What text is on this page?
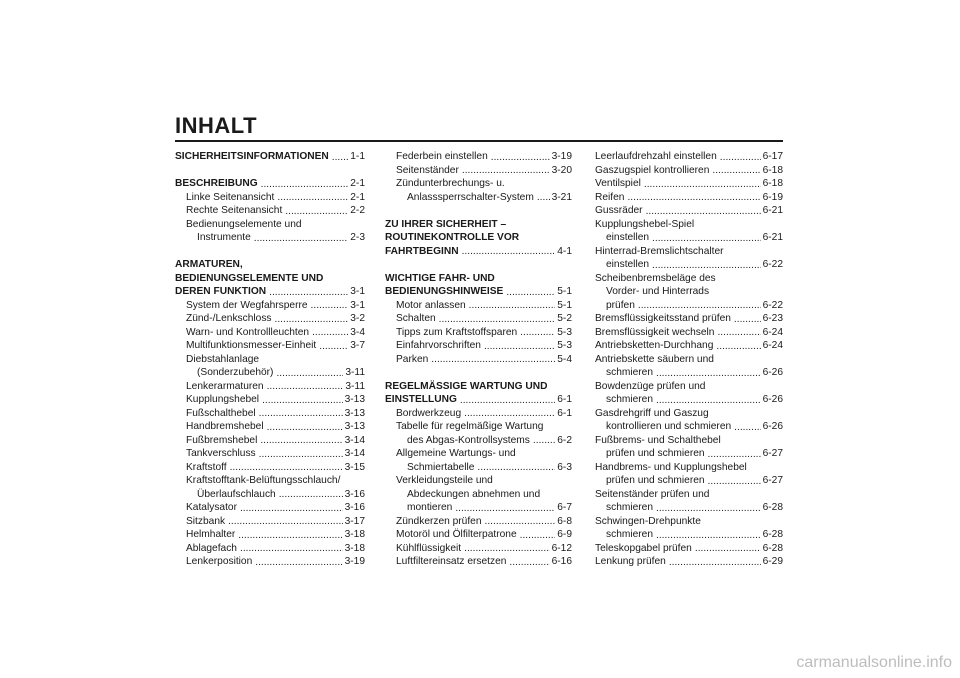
INHALT
SICHERHEITSINFORMATIONEN ..... 1-1
BESCHREIBUNG .....	2-1
Linke Seitenansicht .....	2-1
Rechte Seitenansicht .....	2-2
Bedienungselemente und
Instrumente .....	2-3
ARMATUREN,
BEDIENUNGSELEMENTE UND
DEREN FUNKTION .....	3-1
System der Wegfahrsperre .....	3-1
Zünd-/Lenkschloss .....	3-2
Warn- und Kontrollleuchten .....	3-4
Multifunktionsmesser-Einheit .....	3-7
Diebstahlanlage
(Sonderzubehör) .....	3-11
Lenkerarmaturen .....	3-11
Kupplungshebel .....	3-13
Fußschalthebel .....	3-13
Handbremshebel .....	3-13
Fußbremshebel .....	3-14
Tankverschluss .....	3-14
Kraftstoff .....	3-15
Kraftstofftank-Belüftungsschlauch/
Überlaufschlauch .....	3-16
Katalysator .....	3-16
Sitzbank .....	3-17
Helmhalter .....	3-18
Ablagefach .....	3-18
Lenkerposition .....	3-19
Federbein einstellen .....	3-19
Seitenständer .....	3-20
Zündunterbrechungs- u.
Anlasssperrschalter-System ..... 3-21
ZU IHRER SICHERHEIT –
ROUTINEKONTROLLE VOR
FAHRTBEGINN .....	4-1
WICHTIGE FAHR- UND
BEDIENUNGSHINWEISE .....	5-1
Motor anlassen .....	5-1
Schalten .....	5-2
Tipps zum Kraftstoffsparen .....	5-3
Einfahrvorschriften .....	5-3
Parken .....	5-4
REGELMÄSSIGE WARTUNG UND
EINSTELLUNG .....	6-1
Bordwerkzeug .....	6-1
Tabelle für regelmäßige Wartung
des Abgas-Kontrollsystems .....	6-2
Allgemeine Wartungs- und
Schmiertabelle .....	6-3
Verkleidungsteile und
Abdeckungen abnehmen und
montieren .....	6-7
Zündkerzen prüfen .....	6-8
Motoröl und Ölfilterpatrone .....	6-9
Kühlflüssigkeit .....	6-12
Luftfiltereinsatz ersetzen .....	6-16
Leerlaufdrehzahl einstellen .....	6-17
Gaszugspiel kontrollieren .....	6-18
Ventilspiel .....	6-18
Reifen .....	6-19
Gussräder .....	6-21
Kupplungshebel-Spiel
einstellen .....	6-21
Hinterrad-Bremslichtschalter
einstellen .....	6-22
Scheibenbremsbeläge des
Vorder- und Hinterrads
prüfen .....	6-22
Bremsflüssigkeitsstand prüfen .....	6-23
Bremsflüssigkeit wechseln .....	6-24
Antriebsketten-Durchhang .....	6-24
Antriebskette säubern und
schmieren .....	6-26
Bowdenzüge prüfen und
schmieren .....	6-26
Gasdrehgriff und Gaszug
kontrollieren und schmieren .....	6-26
Fußbrems- und Schalthebel
prüfen und schmieren .....	6-27
Handbrems- und Kupplungshebel
prüfen und schmieren .....	6-27
Seitenständer prüfen und
schmieren .....	6-28
Schwingen-Drehpunkte
schmieren .....	6-28
Teleskopgabel prüfen .....	6-28
Lenkung prüfen .....	6-29
carmanualsonline.info
